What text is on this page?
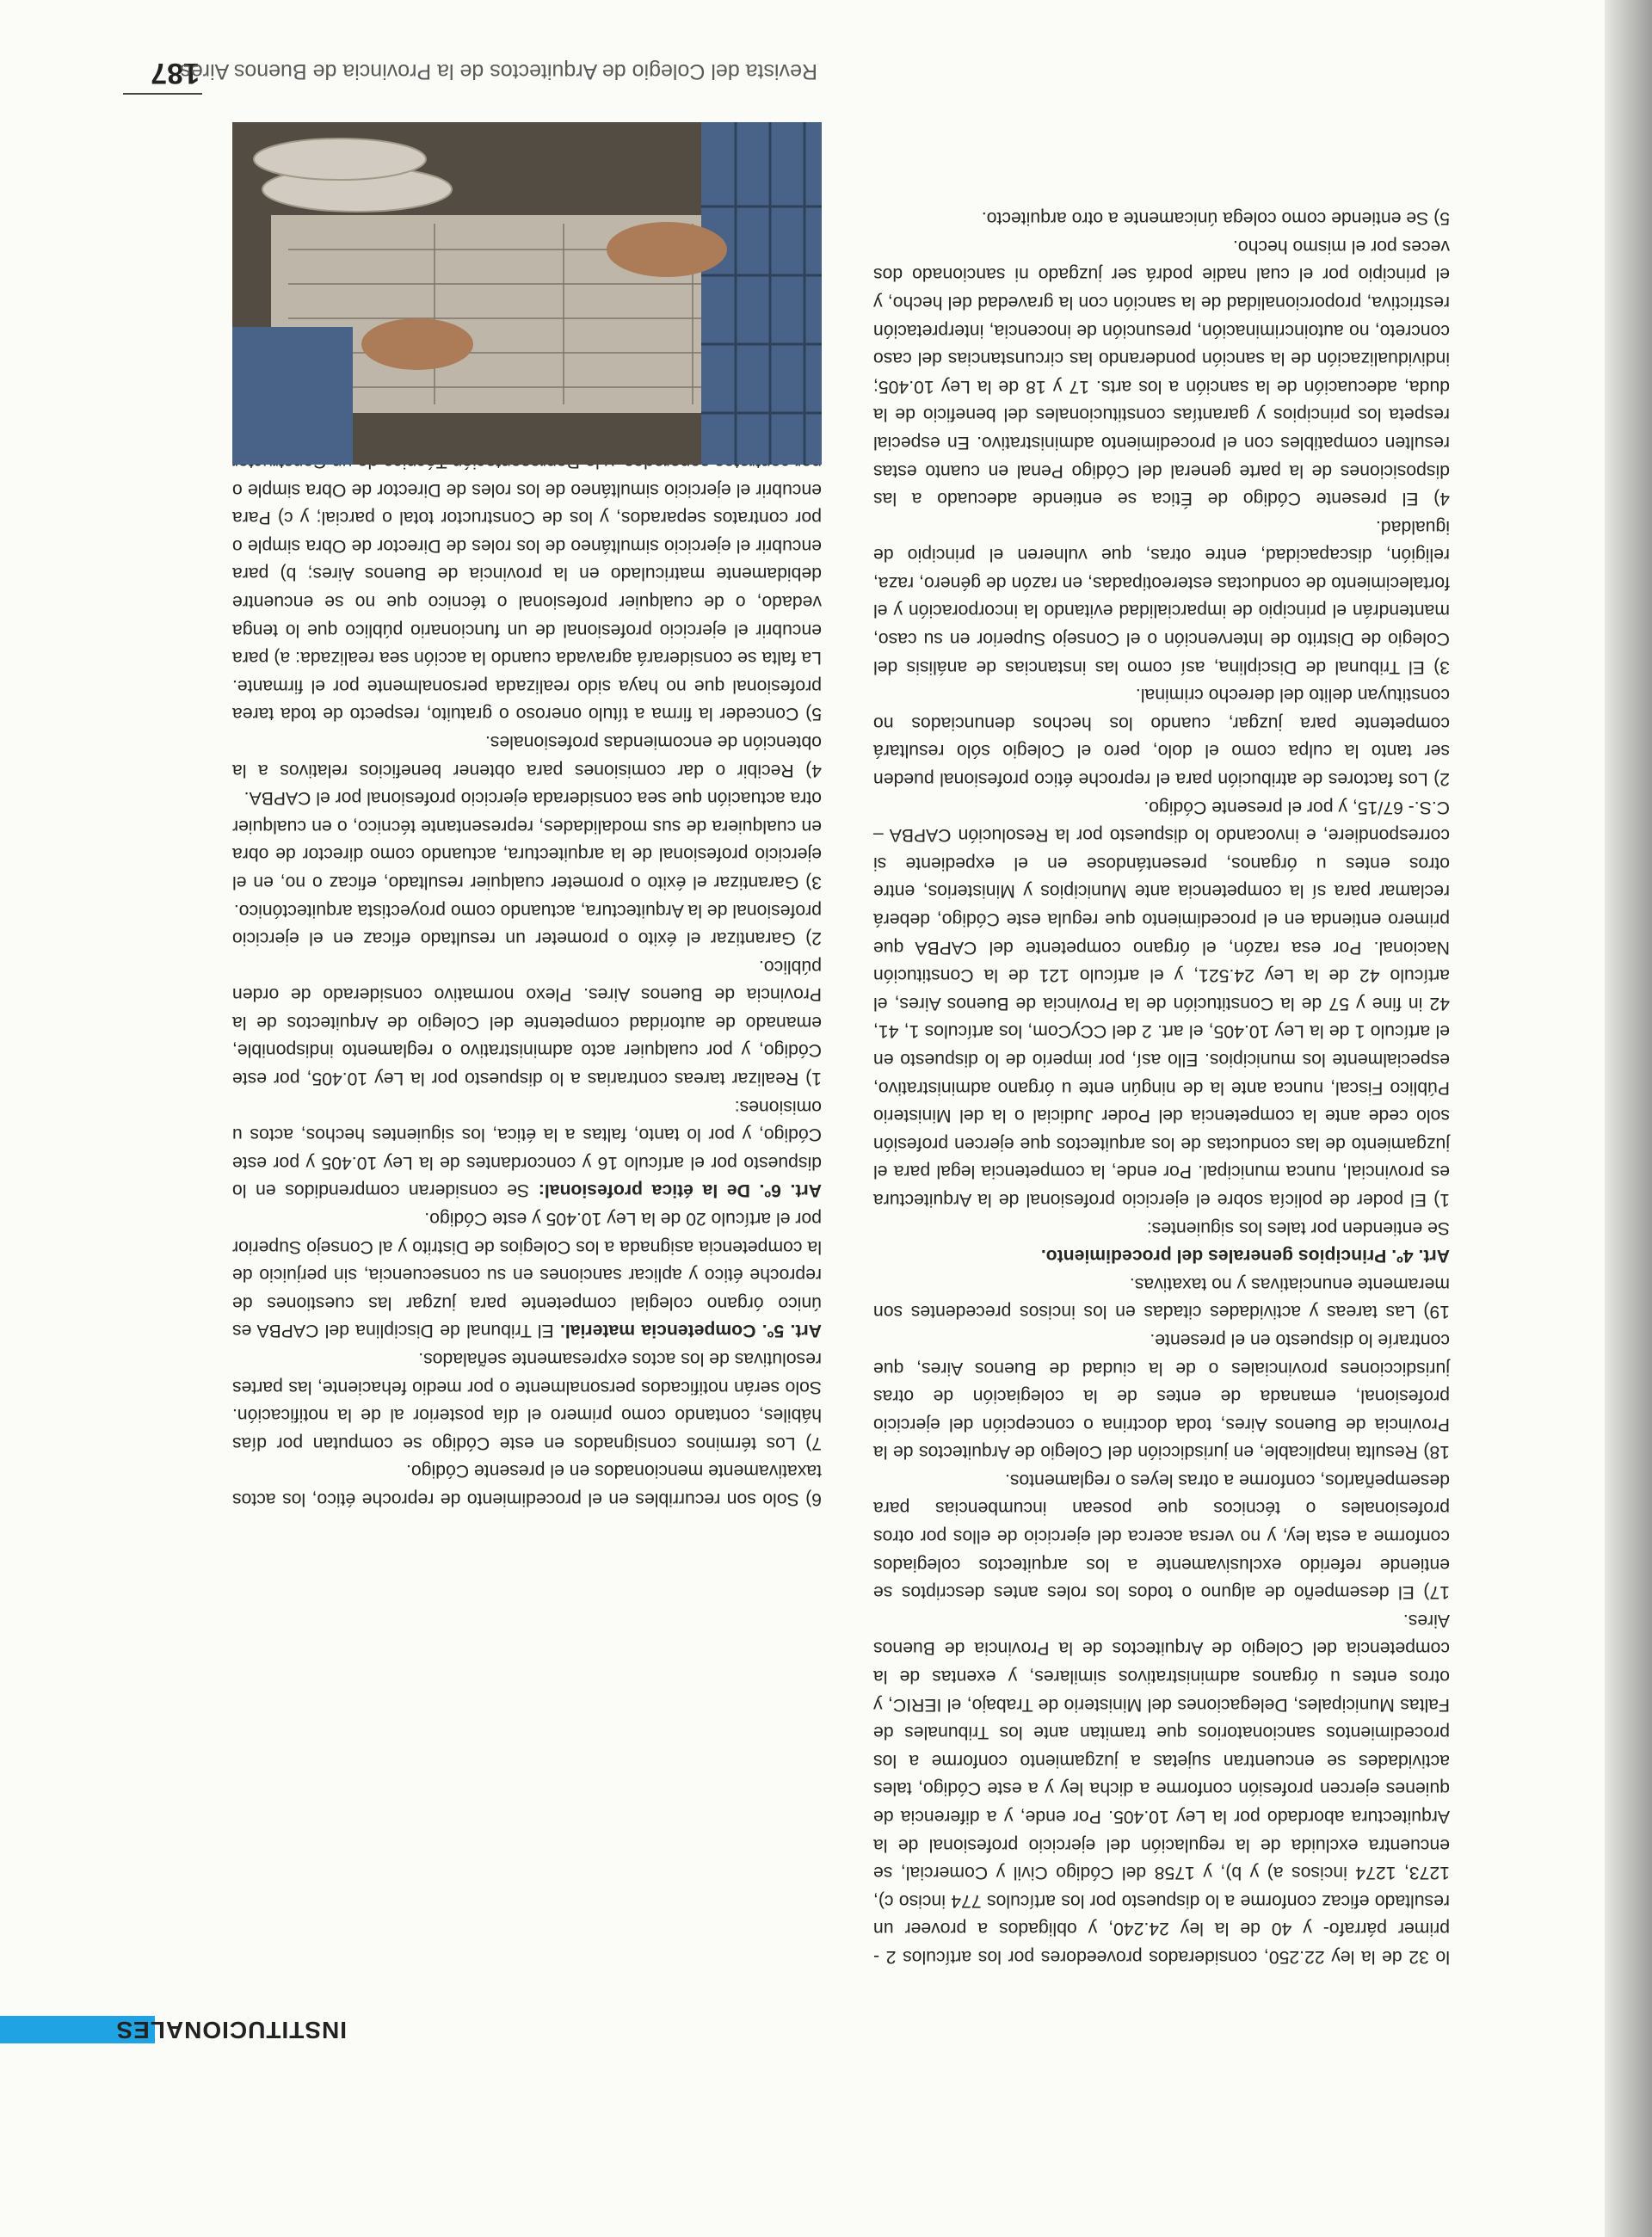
INSTITUCIONALES

lo 32 de la ley 22.250, considerados proveedores por los artículos 2 -primer párrafo- y 40 de la ley 24.240, y obligados a proveer un resultado eficaz conforme a lo dispuesto por los artículos 774 inciso c), 1273, 1274 incisos a) y b), y 1758 del Código Civil y Comercial, se encuentra excluida de la regulación del ejercicio profesional de la Arquitectura abordado por la Ley 10.405. Por ende, y a diferencia de quienes ejercen profesión conforme a dicha ley y a este Código, tales actividades se encuentran sujetas a juzgamiento conforme a los procedimientos sancionatorios que tramitan ante los Tribunales de Faltas Municipales, Delegaciones del Ministerio de Trabajo, el IERIC, y otros entes u órganos administrativos similares, y exentas de la competencia del Colegio de Arquitectos de la Provincia de Buenos Aires.

17) El desempeño de alguno o todos los roles antes descriptos se entiende referido exclusivamente a los arquitectos colegiados conforme a esta ley, y no versa acerca del ejercicio de ellos por otros profesionales o técnicos que posean incumbencias para desempeñarlos, conforme a otras leyes o reglamentos.

18) Resulta inaplicable, en jurisdicción del Colegio de Arquitectos de la Provincia de Buenos Aires, toda doctrina o concepción del ejercicio profesional, emanada de entes de la colegiación de otras jurisdicciones provinciales o de la ciudad de Buenos Aires, que contraríe lo dispuesto en el presente.

19) Las tareas y actividades citadas en los incisos precedentes son meramente enunciativas y no taxativas.

Art. 4º. Principios generales del procedimiento.

Se entienden por tales los siguientes:

1) El poder de policía sobre el ejercicio profesional de la Arquitectura es provincial, nunca municipal. Por ende, la competencia legal para el juzgamiento de las conductas de los arquitectos que ejercen profesión solo cede ante la competencia del Poder Judicial o la del Ministerio Público Fiscal, nunca ante la de ningún ente u órgano administrativo, especialmente los municipios. Ello así, por imperio de lo dispuesto en el artículo 1 de la Ley 10.405, el art. 2 del CCyCom, los artículos 1, 41, 42 in fine y 57 de la Constitución de la Provincia de Buenos Aires, el artículo 42 de la Ley 24.521, y el artículo 121 de la Constitución Nacional. Por esa razón, el órgano competente del CAPBA que primero entienda en el procedimiento que regula este Código, deberá reclamar para sí la competencia ante Municipios y Ministerios, entre otros entes u órganos, presentándose en el expediente si correspondiere, e invocando lo dispuesto por la Resolución CAPBA –C.S.- 67/15, y por el presente Código.

2) Los factores de atribución para el reproche ético profesional pueden ser tanto la culpa como el dolo, pero el Colegio sólo resultará competente para juzgar, cuando los hechos denunciados no constituyan delito del derecho criminal.

3) El Tribunal de Disciplina, así como las instancias de análisis del Colegio de Distrito de Intervención o el Consejo Superior en su caso, mantendrán el principio de imparcialidad evitando la incorporación y el fortalecimiento de conductas estereotipadas, en razón de género, raza, religión, discapacidad, entre otras, que vulneren el principio de igualdad.

4) El presente Código de Ética se entiende adecuado a las disposiciones de la parte general del Código Penal en cuanto estas resulten compatibles con el procedimiento administrativo. En especial respeta los principios y garantías constitucionales del beneficio de la duda, adecuación de la sanción a los arts. 17 y 18 de la Ley 10.405; individualización de la sanción ponderando las circunstancias del caso concreto, no autoincriminación, presunción de inocencia, interpretación restrictiva, proporcionalidad de la sanción con la gravedad del hecho, y el principio por el cual nadie podrá ser juzgado ni sancionado dos veces por el mismo hecho.

5) Se entiende como colega únicamente a otro arquitecto.

6) Solo son recurribles en el procedimiento de reproche ético, los actos taxativamente mencionados en el presente Código.

7) Los términos consignados en este Código se computan por días hábiles, contando como primero el día posterior al de la notificación. Solo serán notificados personalmente o por medio fehaciente, las partes resolutivas de los actos expresamente señalados.

Art. 5º. Competencia material. El Tribunal de Disciplina del CAPBA es único órgano colegial competente para juzgar las cuestiones de reproche ético y aplicar sanciones en su consecuencia, sin perjuicio de la competencia asignada a los Colegios de Distrito y al Consejo Superior por el artículo 20 de la Ley 10.405 y este Código.

Art. 6º. De la ética profesional: Se consideran comprendidos en lo dispuesto por el artículo 16 y concordantes de la Ley 10.405 y por este Código, y por lo tanto, faltas a la ética, los siguientes hechos, actos u omisiones:

1) Realizar tareas contrarias a lo dispuesto por la Ley 10.405, por este Código, y por cualquier acto administrativo o reglamento indisponible, emanado de autoridad competente del Colegio de Arquitectos de la Provincia de Buenos Aires. Plexo normativo considerado de orden público.

2) Garantizar el éxito o prometer un resultado eficaz en el ejercicio profesional de la Arquitectura, actuando como proyectista arquitectónico.

3) Garantizar el éxito o prometer cualquier resultado, eficaz o no, en el ejercicio profesional de la arquitectura, actuando como director de obra en cualquiera de sus modalidades, representante técnico, o en cualquier otra actuación que sea considerada ejercicio profesional por el CAPBA.

4) Recibir o dar comisiones para obtener beneficios relativos a la obtención de encomiendas profesionales.

5) Conceder la firma a título oneroso o gratuito, respecto de toda tarea profesional que no haya sido realizada personalmente por el firmante. La falta se considerará agravada cuando la acción sea realizada: a) para encubrir el ejercicio profesional de un funcionario público que lo tenga vedado, o de cualquier profesional o técnico que no se encuentre debidamente matriculado en la provincia de Buenos Aires; b) para encubrir el ejercicio simultáneo de los roles de Director de Obra simple o por contratos separados, y los de Constructor total o parcial; y c) Para encubrir el ejercicio simultáneo de los roles de Director de Obra simple o

187
Revista del Colegio de Arquitectos de la Provincia de Buenos Aires
